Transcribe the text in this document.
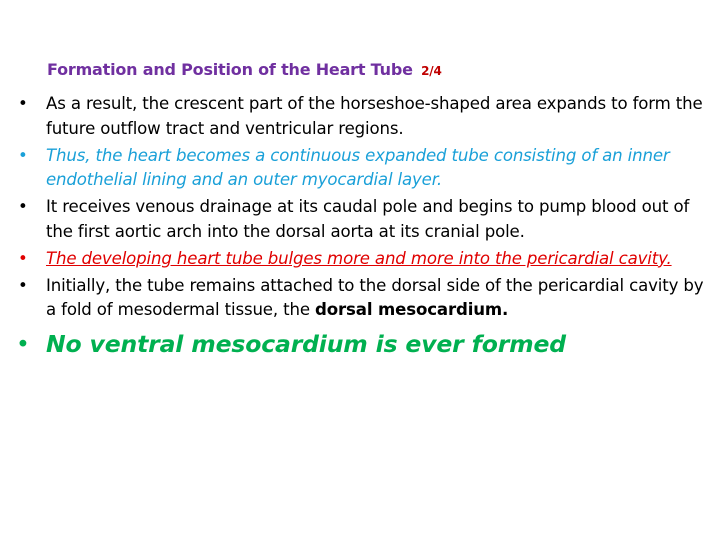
Formation and Position of the Heart Tube 2/4
• As a result, the crescent part of the horseshoe-shaped area expands to form the future outflow tract and ventricular regions.
• Thus, the heart becomes a continuous expanded tube consisting of an inner endothelial lining and an outer myocardial layer.
• It receives venous drainage at its caudal pole and begins to pump blood out of the first aortic arch into the dorsal aorta at its cranial pole.
• The developing heart tube bulges more and more into the pericardial cavity.
• Initially, the tube remains attached to the dorsal side of the pericardial cavity by a fold of mesodermal tissue, the dorsal mesocardium.
• No ventral mesocardium is ever formed
